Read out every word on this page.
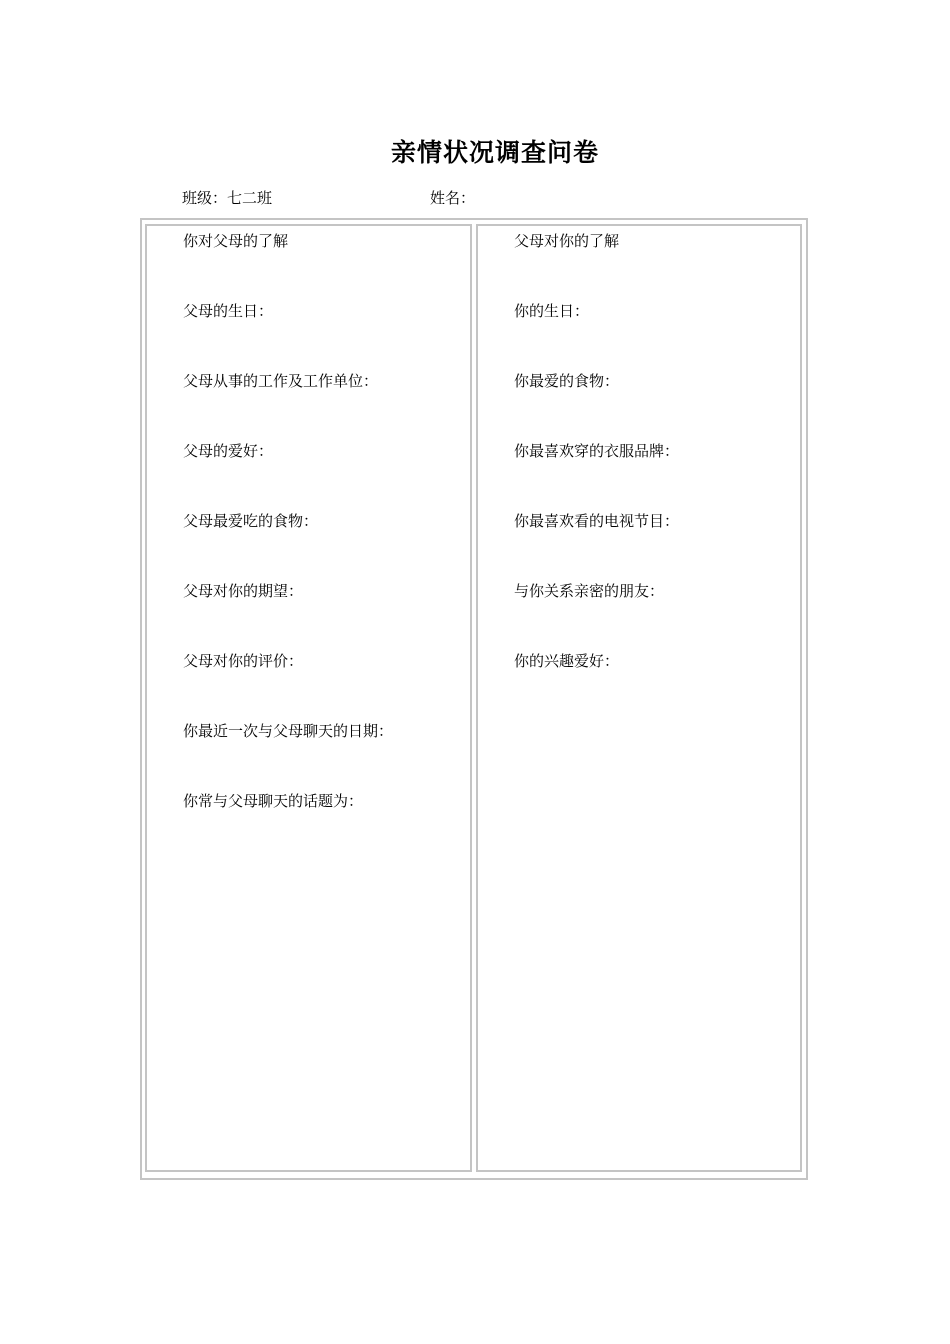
亲情状况调查问卷
班级：七二班	姓名：
你对父母的了解
父母的生日：
父母从事的工作及工作单位：
父母的爱好：
父母最爱吃的食物：
父母对你的期望：
父母对你的评价：
你最近一次与父母聊天的日期：
你常与父母聊天的话题为：
父母对你的了解
你的生日：
你最爱的食物：
你最喜欢穿的衣服品牌：
你最喜欢看的电视节目：
与你关系亲密的朋友：
你的兴趣爱好：
